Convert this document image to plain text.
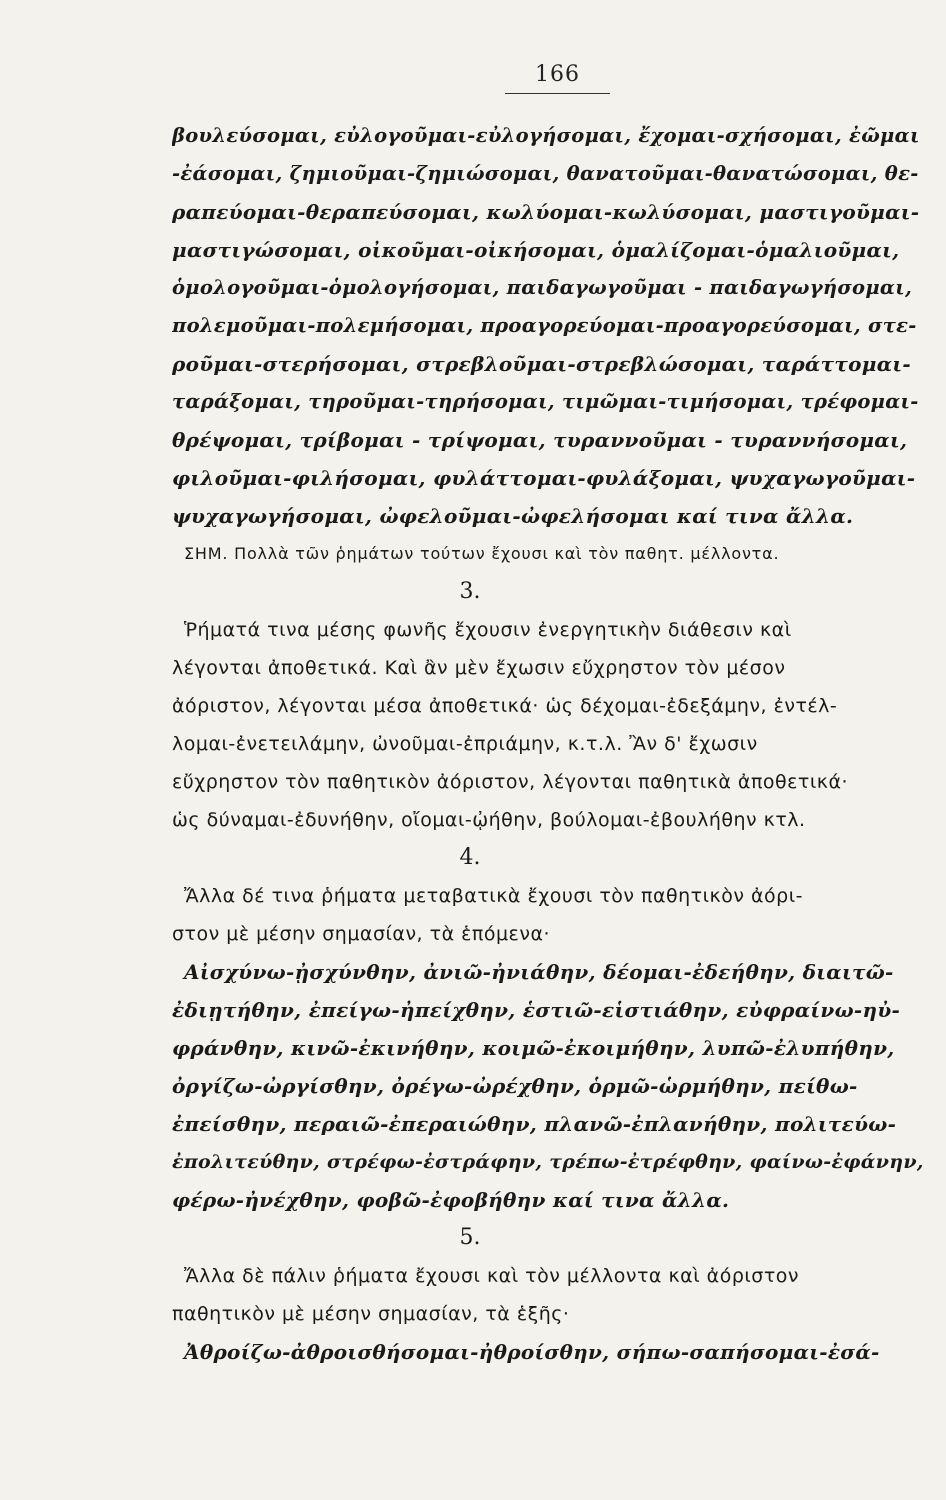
166
βουλεύσομαι, εὐλογοῦμαι-εὐλογήσομαι, ἔχομαι-σχήσομαι, ἐῶμαι
-ἐάσομαι, ζημιοῦμαι-ζημιώσομαι, θανατοῦμαι-θανατώσομαι, θε-
ραπεύομαι-θεραπεύσομαι, κωλύομαι-κωλύσομαι, μαστιγοῦμαι-
μαστιγώσομαι, οἰκοῦμαι-οἰκήσομαι, ὁμαλίζομαι-ὁμαλιοῦμαι,
ὁμολογοῦμαι-ὁμολογήσομαι, παιδαγωγοῦμαι - παιδαγωγήσομαι,
πολεμοῦμαι-πολεμήσομαι, προαγορεύομαι-προαγορεύσομαι, στε-
ροῦμαι-στερήσομαι, στρεβλοῦμαι-στρεβλώσομαι, ταράττομαι-
ταράξομαι, τηροῦμαι-τηρήσομαι, τιμῶμαι-τιμήσομαι, τρέφομαι-
θρέψομαι, τρίβομαι - τρίψομαι, τυραννοῦμαι - τυραννήσομαι,
φιλοῦμαι-φιλήσομαι, φυλάττομαι-φυλάξομαι, ψυχαγωγοῦμαι-
ψυχαγωγήσομαι, ὠφελοῦμαι-ὠφελήσομαι καί τινα ἄλλα.
ΣΗΜ. Πολλὰ τῶν ῥημάτων τούτων ἔχουσι καὶ τὸν παθητ. μέλλοντα.
3.
Ῥήματά τινα μέσης φωνῆς ἔχουσιν ἐνεργητικὴν διάθεσιν καὶ
λέγονται ἀποθετικά. Καὶ ἂν μὲν ἔχωσιν εὔχρηστον τὸν μέσον
ἀόριστον, λέγονται μέσα ἀποθετικά· ὡς δέχομαι-ἐδεξάμην, ἐντέλ-
λομαι-ἐνετειλάμην, ὠνοῦμαι-ἐπριάμην, κ.τ.λ. Ἂν δ' ἔχωσιν
εὔχρηστον τὸν παθητικὸν ἀόριστον, λέγονται παθητικὰ ἀποθετικά·
ὡς δύναμαι-ἐδυνήθην, οἴομαι-ᾠήθην, βούλομαι-ἐβουλήθην κτλ.
4.
Ἄλλα δέ τινα ῥήματα μεταβατικὰ ἔχουσι τὸν παθητικὸν ἀόρι-
στον μὲ μέσην σημασίαν, τὰ ἑπόμενα·
Αἰσχύνω-ᾐσχύνθην, ἀνιῶ-ἠνιάθην, δέομαι-ἐδεήθην, διαιτῶ-
ἐδιῃτήθην, ἐπείγω-ἠπείχθην, ἑστιῶ-εἱστιάθην, εὐφραίνω-ηὐ-
φράνθην, κινῶ-ἐκινήθην, κοιμῶ-ἐκοιμήθην, λυπῶ-ἐλυπήθην,
ὀργίζω-ὠργίσθην, ὀρέγω-ὠρέχθην, ὁρμῶ-ὡρμήθην, πείθω-
ἐπείσθην, περαιῶ-ἐπεραιώθην, πλανῶ-ἐπλανήθην, πολιτεύω-
ἐπολιτεύθην, στρέφω-ἐστράφην, τρέπω-ἐτρέφθην, φαίνω-ἐφάνην,
φέρω-ἠνέχθην, φοβῶ-ἐφοβήθην καί τινα ἄλλα.
5.
Ἄλλα δὲ πάλιν ῥήματα ἔχουσι καὶ τὸν μέλλοντα καὶ ἀόριστον
παθητικὸν μὲ μέσην σημασίαν, τὰ ἑξῆς·
Ἀθροίζω-ἀθροισθήσομαι-ἠθροίσθην, σήπω-σαπήσομαι-ἐσά-
